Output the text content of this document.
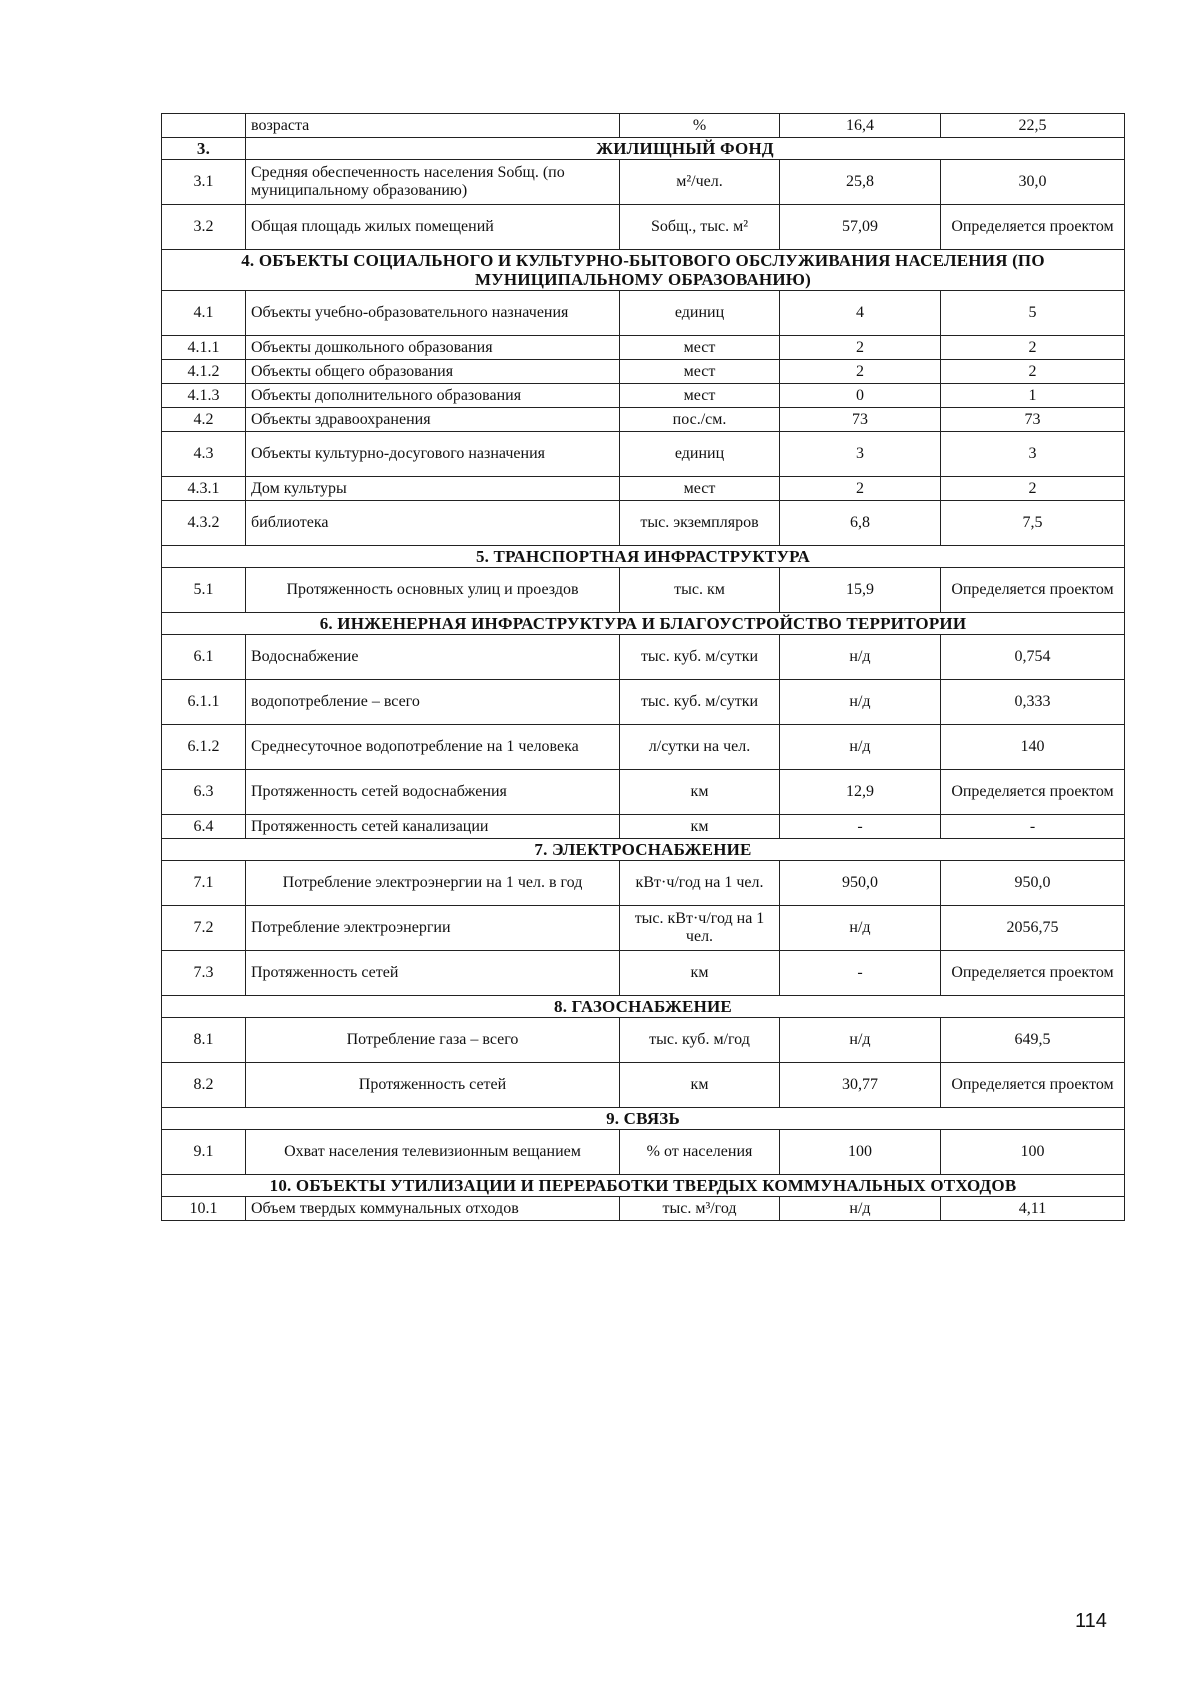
	возраста	%	16,4	22,5
3.	ЖИЛИЩНЫЙ ФОНД			
3.1	Средняя обеспеченность населения Sобщ. (по муниципальному образованию)	м²/чел.	25,8	30,0
3.2	Общая площадь жилых помещений	Sобщ., тыс. м²	57,09	Определяется проектом
4. ОБЪЕКТЫ СОЦИАЛЬНОГО И КУЛЬТУРНО-БЫТОВОГО ОБСЛУЖИВАНИЯ НАСЕЛЕНИЯ (ПО МУНИЦИПАЛЬНОМУ ОБРАЗОВАНИЮ)				
4.1	Объекты учебно-образовательного назначения	единиц	4	5
4.1.1	Объекты дошкольного образования	мест	2	2
4.1.2	Объекты общего образования	мест	2	2
4.1.3	Объекты дополнительного образования	мест	0	1
4.2	Объекты здравоохранения	пос./см.	73	73
4.3	Объекты культурно-досугового назначения	единиц	3	3
4.3.1	Дом культуры	мест	2	2
4.3.2	библиотека	тыс. экземпляров	6,8	7,5
5. ТРАНСПОРТНАЯ ИНФРАСТРУКТУРА				
5.1	Протяженность основных улиц и проездов	тыс. км	15,9	Определяется проектом
6. ИНЖЕНЕРНАЯ ИНФРАСТРУКТУРА И БЛАГОУСТРОЙСТВО ТЕРРИТОРИИ				
6.1	Водоснабжение	тыс. куб. м/сутки	н/д	0,754
6.1.1	водопотребление – всего	тыс. куб. м/сутки	н/д	0,333
6.1.2	Среднесуточное водопотребление на 1 человека	л/сутки на чел.	н/д	140
6.3	Протяженность сетей водоснабжения	км	12,9	Определяется проектом
6.4	Протяженность сетей канализации	км	-	-
7. ЭЛЕКТРОСНАБЖЕНИЕ				
7.1	Потребление электроэнергии на 1 чел. в год	кВт·ч/год на 1 чел.	950,0	950,0
7.2	Потребление электроэнергии	тыс. кВт·ч/год на 1 чел.	н/д	2056,75
7.3	Протяженность сетей	км	-	Определяется проектом
8. ГАЗОСНАБЖЕНИЕ				
8.1	Потребление газа – всего	тыс. куб. м/год	н/д	649,5
8.2	Протяженность сетей	км	30,77	Определяется проектом
9. СВЯЗЬ				
9.1	Охват населения телевизионным вещанием	% от населения	100	100
10. ОБЪЕКТЫ УТИЛИЗАЦИИ И ПЕРЕРАБОТКИ ТВЕРДЫХ КОММУНАЛЬНЫХ ОТХОДОВ				
10.1	Объем твердых коммунальных отходов	тыс. м³/год	н/д	4,11
114
